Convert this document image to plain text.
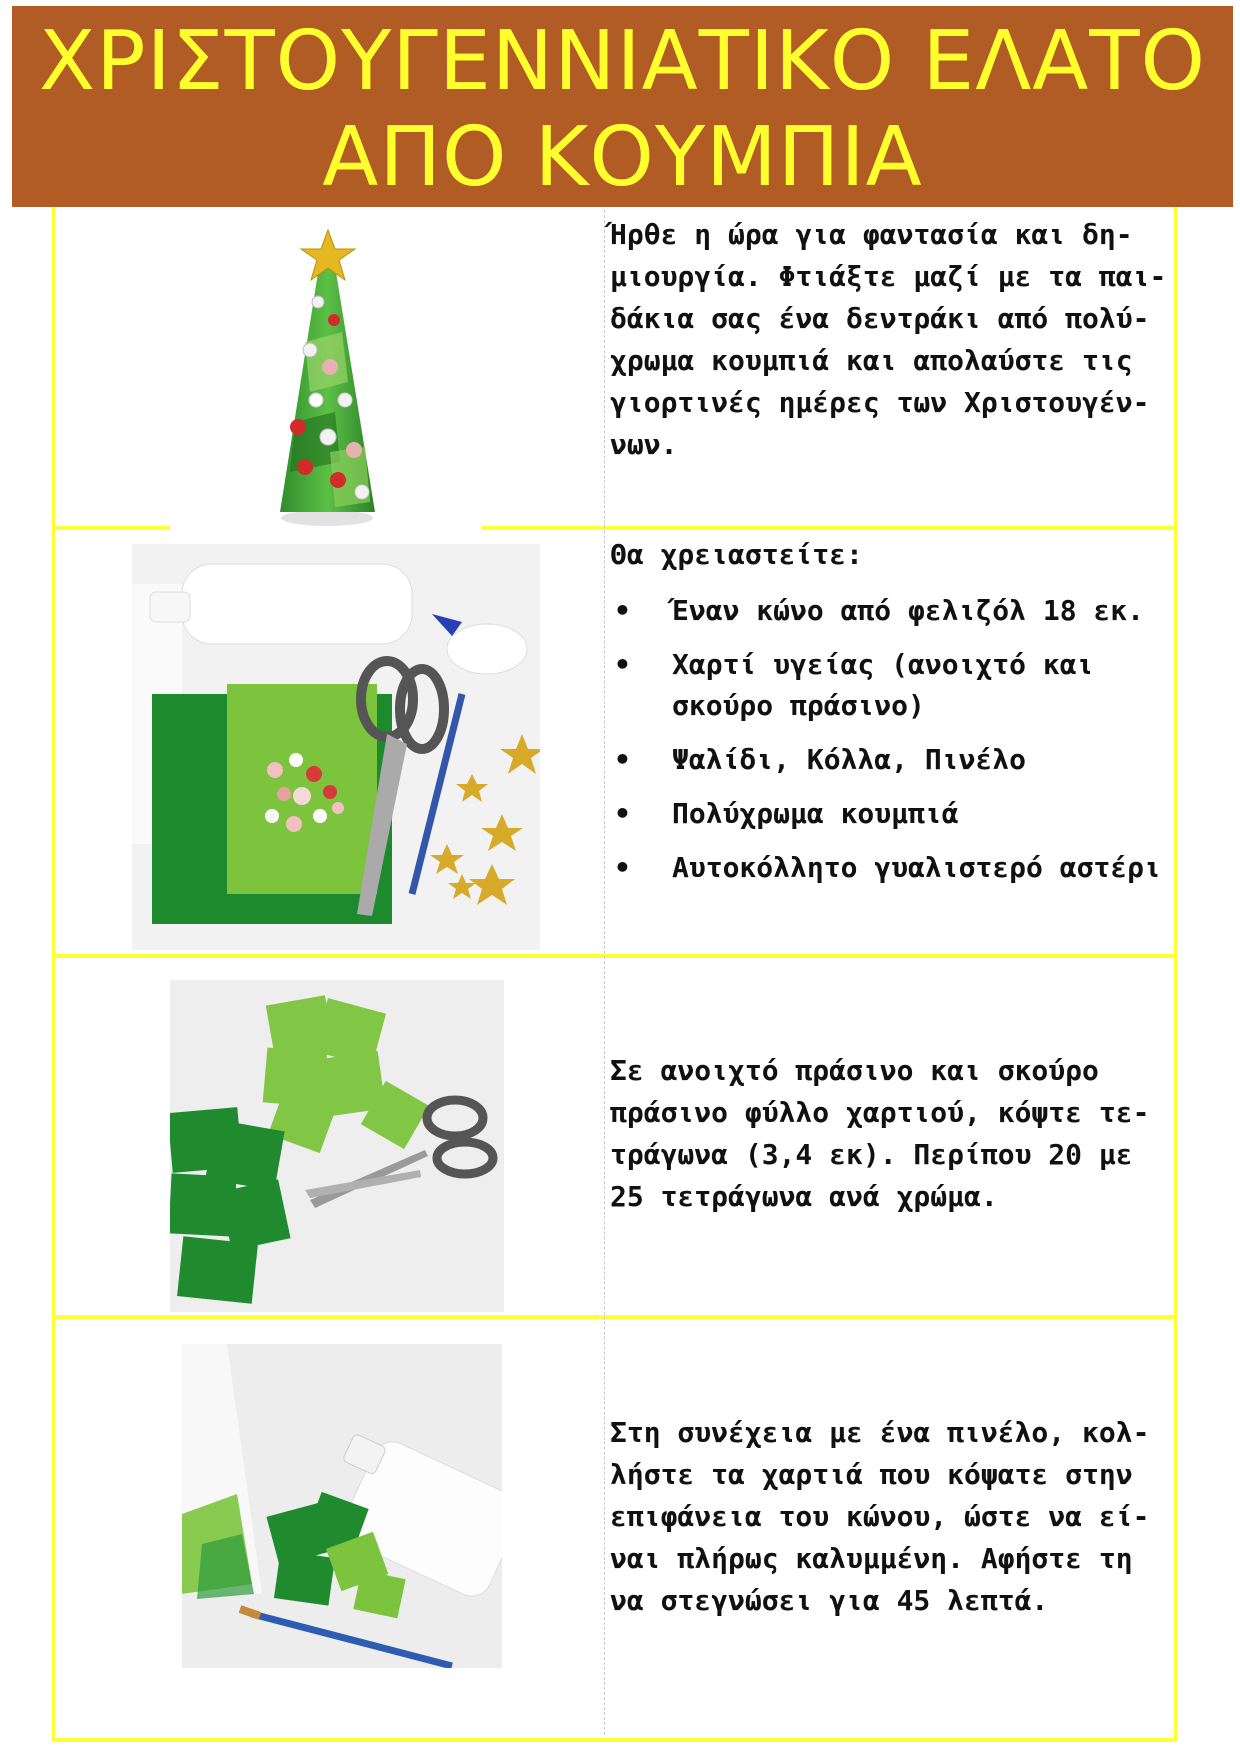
ΧΡΙΣΤΟΥΓΕΝΝΙΑΤΙΚΟ ΕΛΑΤΟ
ΑΠΟ ΚΟΥΜΠΙΑ

Ήρθε η ώρα για φαντασία και δη-

μιουργία. Φτιάξτε μαζί με τα παι-

δάκια σας ένα δεντράκι από πολύ-

χρωμα κουμπιά και απολαύστε τις

γιορτινές ημέρες των Χριστουγέν-

νων.

Θα χρειαστείτε:

• Έναν κώνο από φελιζόλ 18 εκ.
• Χαρτί υγείας (ανοιχτό και
σκούρο πράσινο)
• Ψαλίδι, Κόλλα, Πινέλο
• Πολύχρωμα κουμπιά
• Αυτοκόλλητο γυαλιστερό αστέρι

Σε ανοιχτό πράσινο και σκούρο

πράσινο φύλλο χαρτιού, κόψτε τε-

τράγωνα (3,4 εκ). Περίπου 20 με

25 τετράγωνα ανά χρώμα.

Στη συνέχεια με ένα πινέλο, κολ-

λήστε τα χαρτιά που κόψατε στην

επιφάνεια του κώνου, ώστε να εί-

ναι πλήρως καλυμμένη. Αφήστε τη

να στεγνώσει για 45 λεπτά.
